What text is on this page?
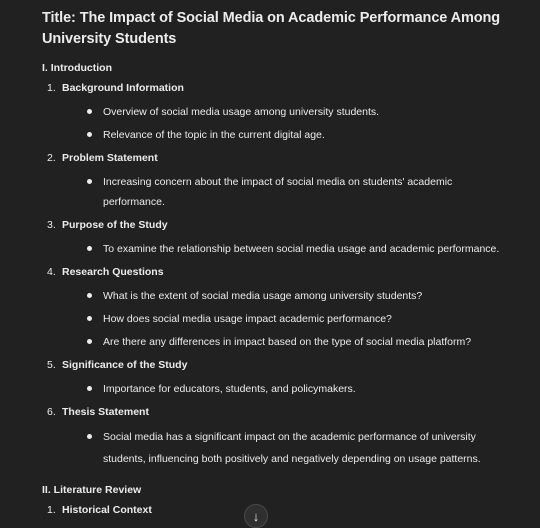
Title: The Impact of Social Media on Academic Performance Among University Students
I. Introduction
1. Background Information
Overview of social media usage among university students.
Relevance of the topic in the current digital age.
2. Problem Statement
Increasing concern about the impact of social media on students' academic performance.
3. Purpose of the Study
To examine the relationship between social media usage and academic performance.
4. Research Questions
What is the extent of social media usage among university students?
How does social media usage impact academic performance?
Are there any differences in impact based on the type of social media platform?
5. Significance of the Study
Importance for educators, students, and policymakers.
6. Thesis Statement
Social media has a significant impact on the academic performance of university students, influencing both positively and negatively depending on usage patterns.
II. Literature Review
1. Historical Context	↓
